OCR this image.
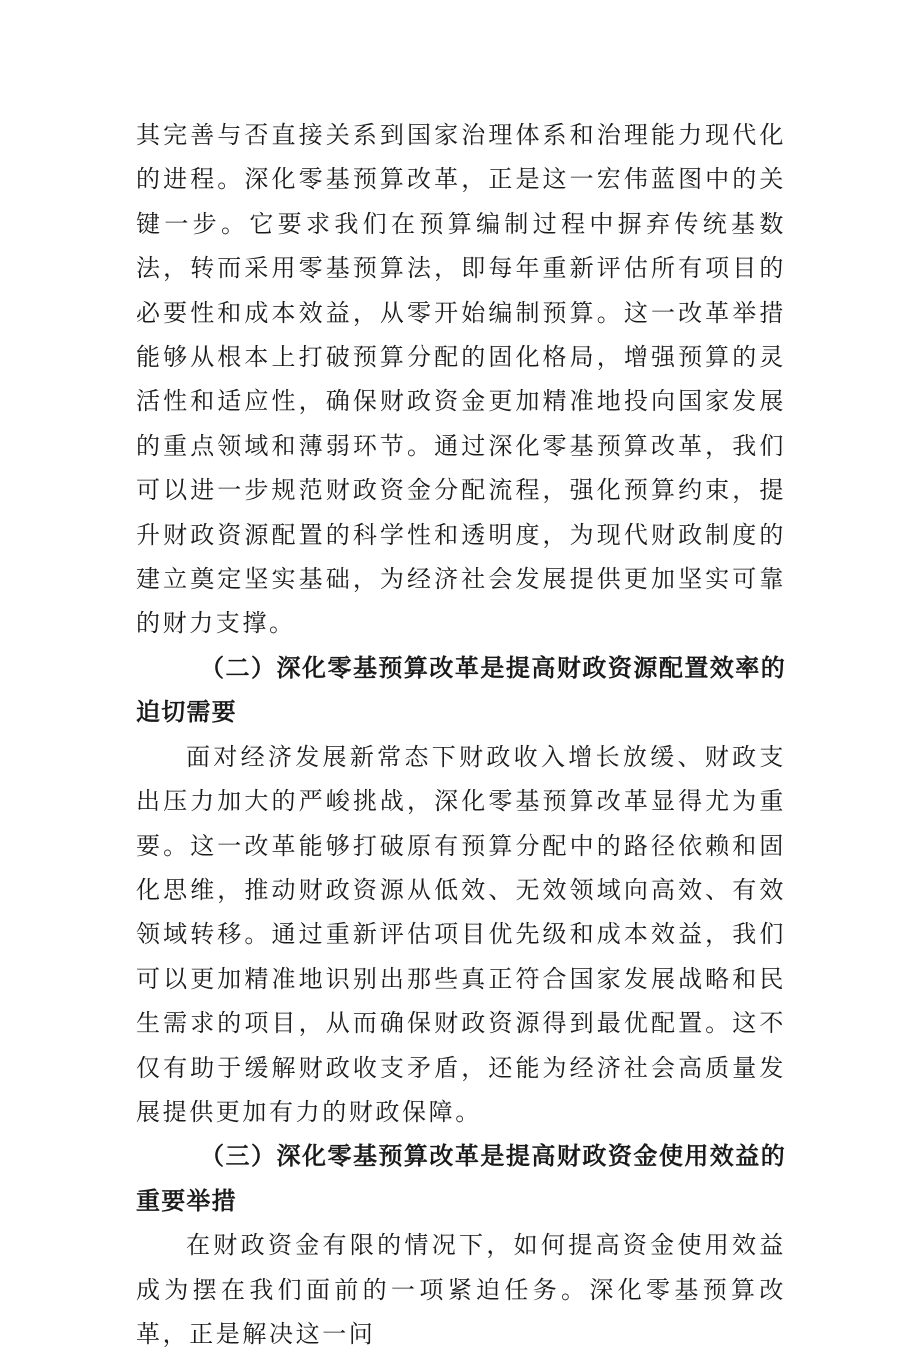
其完善与否直接关系到国家治理体系和治理能力现代化的进程。深化零基预算改革，正是这一宏伟蓝图中的关键一步。它要求我们在预算编制过程中摒弃传统基数法，转而采用零基预算法，即每年重新评估所有项目的必要性和成本效益，从零开始编制预算。这一改革举措能够从根本上打破预算分配的固化格局，增强预算的灵活性和适应性，确保财政资金更加精准地投向国家发展的重点领域和薄弱环节。通过深化零基预算改革，我们可以进一步规范财政资金分配流程，强化预算约束，提升财政资源配置的科学性和透明度，为现代财政制度的建立奠定坚实基础，为经济社会发展提供更加坚实可靠的财力支撑。

（二）深化零基预算改革是提高财政资源配置效率的迫切需要

面对经济发展新常态下财政收入增长放缓、财政支出压力加大的严峻挑战，深化零基预算改革显得尤为重要。这一改革能够打破原有预算分配中的路径依赖和固化思维，推动财政资源从低效、无效领域向高效、有效领域转移。通过重新评估项目优先级和成本效益，我们可以更加精准地识别出那些真正符合国家发展战略和民生需求的项目，从而确保财政资源得到最优配置。这不仅有助于缓解财政收支矛盾，还能为经济社会高质量发展提供更加有力的财政保障。

（三）深化零基预算改革是提高财政资金使用效益的重要举措

在财政资金有限的情况下，如何提高资金使用效益成为摆在我们面前的一项紧迫任务。深化零基预算改革，正是解决这一问
